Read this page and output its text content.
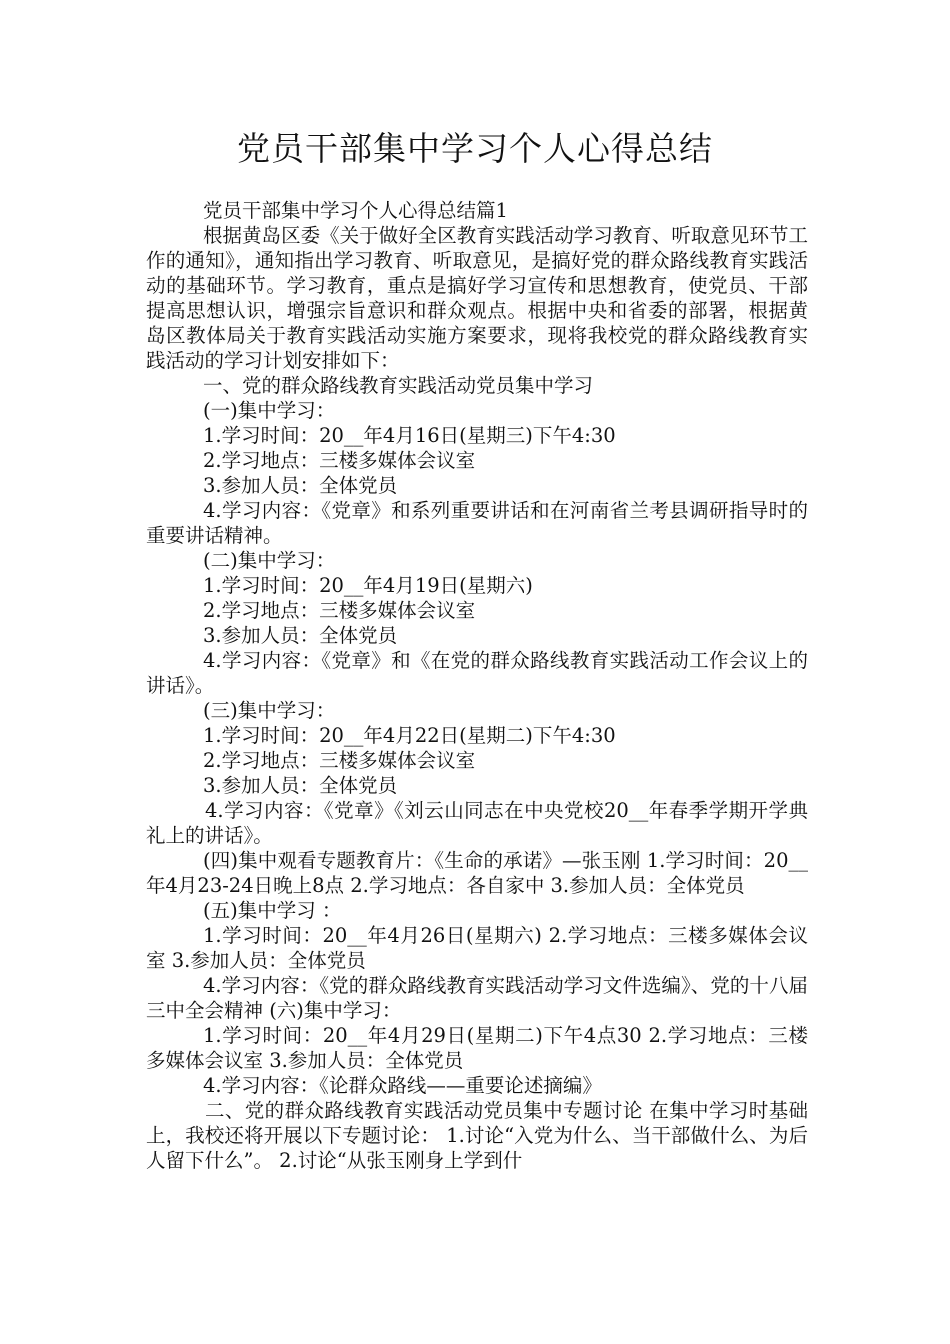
党员干部集中学习个人心得总结

党员干部集中学习个人心得总结篇1

根据黄岛区委《关于做好全区教育实践活动学习教育、听取意见环节工作的通知》，通知指出学习教育、听取意见，是搞好党的群众路线教育实践活动的基础环节。学习教育，重点是搞好学习宣传和思想教育，使党员、干部提高思想认识，增强宗旨意识和群众观点。根据中央和省委的部署，根据黄岛区教体局关于教育实践活动实施方案要求，现将我校党的群众路线教育实践活动的学习计划安排如下：

一、党的群众路线教育实践活动党员集中学习

(一)集中学习：

1.学习时间：20__年4月16日(星期三)下午4:30

2.学习地点：三楼多媒体会议室

3.参加人员：全体党员

4.学习内容：《党章》和系列重要讲话和在河南省兰考县调研指导时的重要讲话精神。

(二)集中学习：

1.学习时间：20__年4月19日(星期六)

2.学习地点：三楼多媒体会议室

3.参加人员：全体党员

4.学习内容：《党章》和《在党的群众路线教育实践活动工作会议上的讲话》。

(三)集中学习：

1.学习时间：20__年4月22日(星期二)下午4:30

2.学习地点：三楼多媒体会议室

3.参加人员：全体党员

4.学习内容：《党章》《刘云山同志在中央党校20__年春季学期开学典礼上的讲话》。

(四)集中观看专题教育片：《生命的承诺》—张玉刚 1.学习时间：20__年4月23-24日晚上8点 2.学习地点：各自家中 3.参加人员：全体党员

(五)集中学习 ：

1.学习时间：20__年4月26日(星期六) 2.学习地点：三楼多媒体会议室 3.参加人员：全体党员

4.学习内容：《党的群众路线教育实践活动学习文件选编》、党的十八届三中全会精神 (六)集中学习：

1.学习时间：20__年4月29日(星期二)下午4点30 2.学习地点：三楼多媒体会议室 3.参加人员：全体党员

4.学习内容：《论群众路线——重要论述摘编》

二、党的群众路线教育实践活动党员集中专题讨论 在集中学习时基础上，我校还将开展以下专题讨论： 1.讨论“入党为什么、当干部做什么、为后人留下什么”。 2.讨论“从张玉刚身上学到什
